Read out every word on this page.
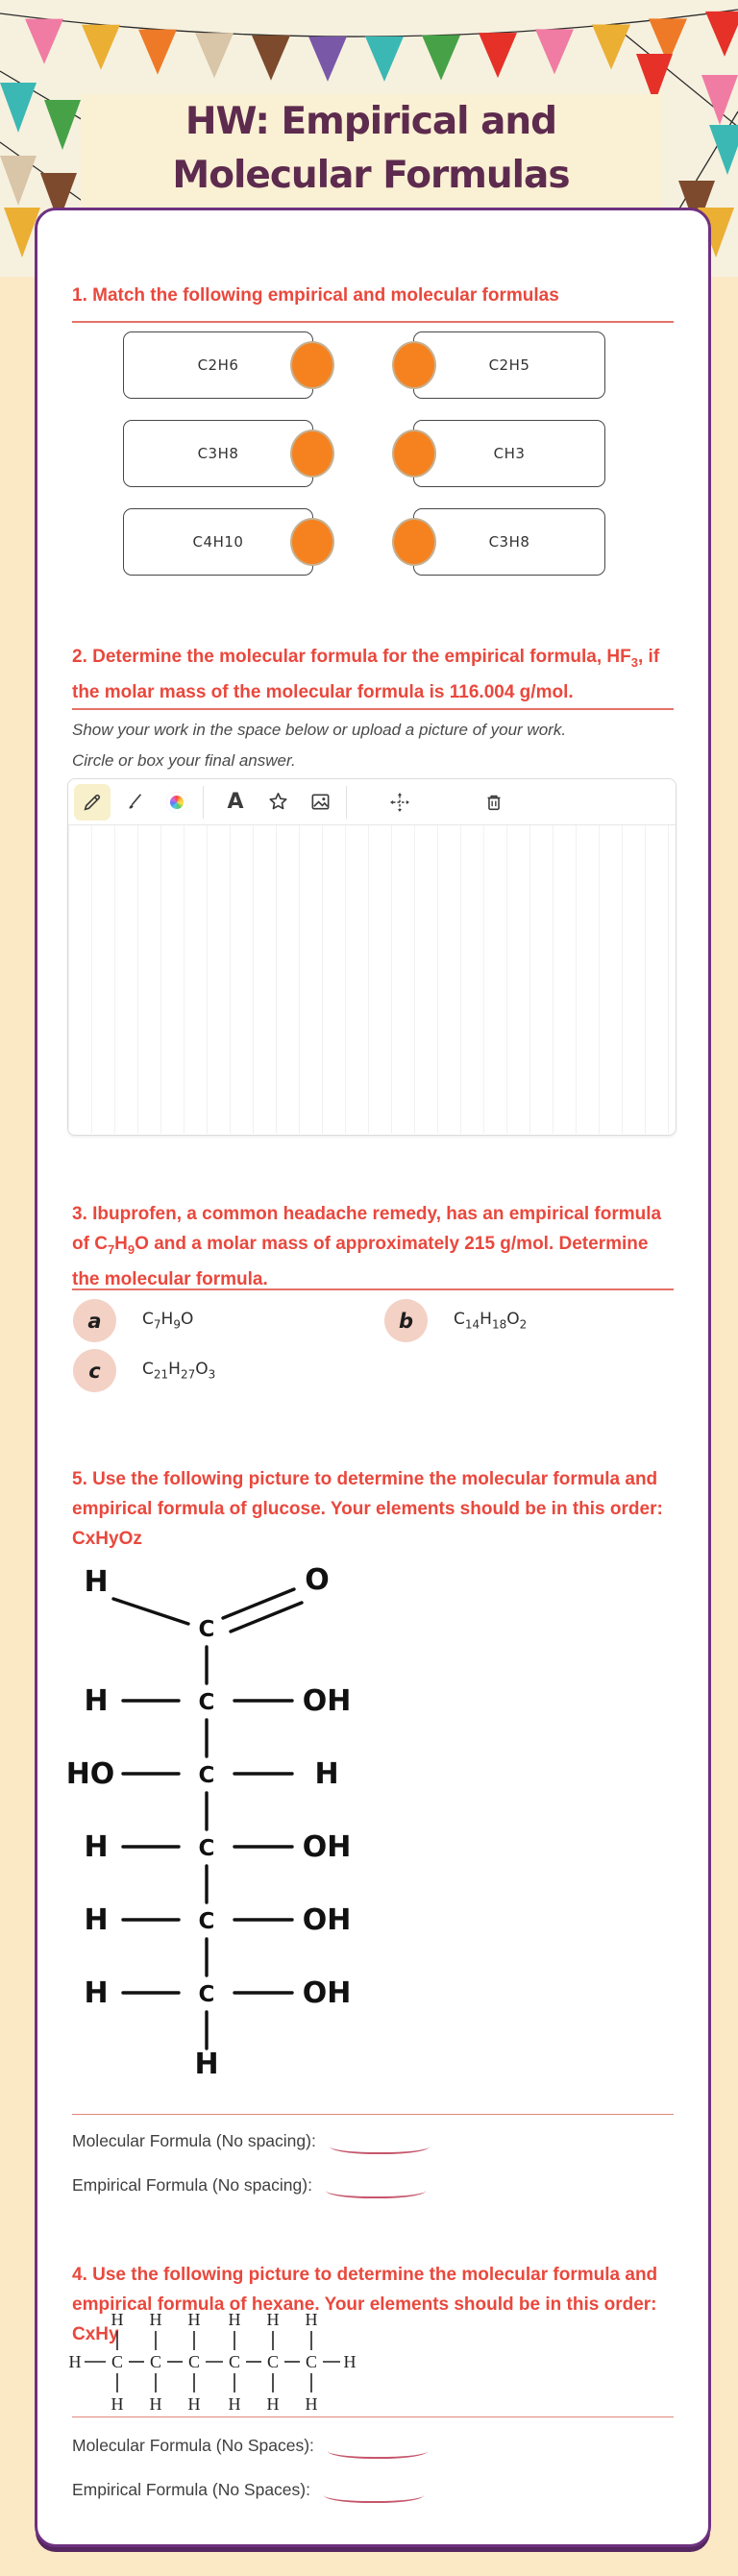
HW: Empirical and
Molecular Formulas
1. Match the following empirical and molecular formulas
C2H6	C2H5
C3H8	CH3
C4H10	C3H8
2. Determine the molecular formula for the empirical formula, $HF_3$, if the molar mass of the molecular formula is 116.004 g/mol.
Show your work in the space below or upload a picture of your work.
Circle or box your final answer.
A
3. Ibuprofen, a common headache remedy, has an empirical formula of $C_7H_9O$ and a molar mass of approximately 215 g/mol. Determine the molecular formula.
a	$C_7H_9O$	b	$C_{14}H_{18}O_2$
c	$C_{21}H_{27}O_3$
5. Use the following picture to determine the molecular formula and empirical formula of glucose. Your elements should be in this order: CxHyOz
H	O
C
H	C	OH
HO	C	H
H	C	OH
H	C	OH
H	C	OH
H
Molecular Formula (No spacing):
Empirical Formula (No spacing):
4. Use the following picture to determine the molecular formula and empirical formula of hexane. Your elements should be in this order: CxHy
H	H
C
H
H
C
H
H
C
H
H
C
H
H
C
H
H
C
H
H
Molecular Formula (No Spaces):
Empirical Formula (No Spaces):
